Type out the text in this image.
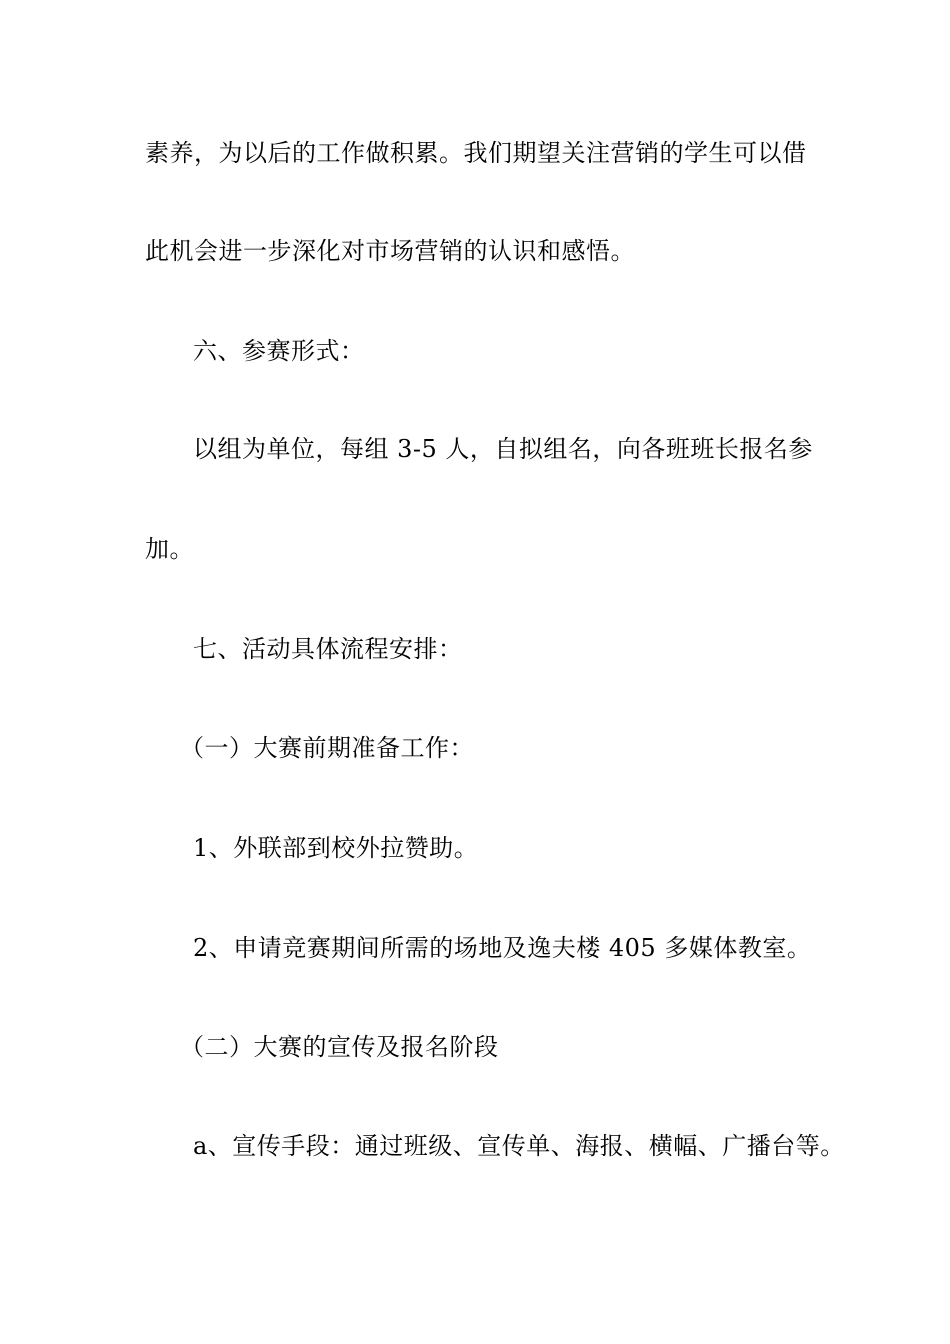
素养，为以后的工作做积累。我们期望关注营销的学生可以借
此机会进一步深化对市场营销的认识和感悟。
六、参赛形式：
以组为单位，每组 3-5 人，自拟组名，向各班班长报名参
加。
七、活动具体流程安排：
（一）大赛前期准备工作：
1、外联部到校外拉赞助。
2、申请竞赛期间所需的场地及逸夫楼 405 多媒体教室。
（二）大赛的宣传及报名阶段
a、宣传手段：通过班级、宣传单、海报、横幅、广播台等。
